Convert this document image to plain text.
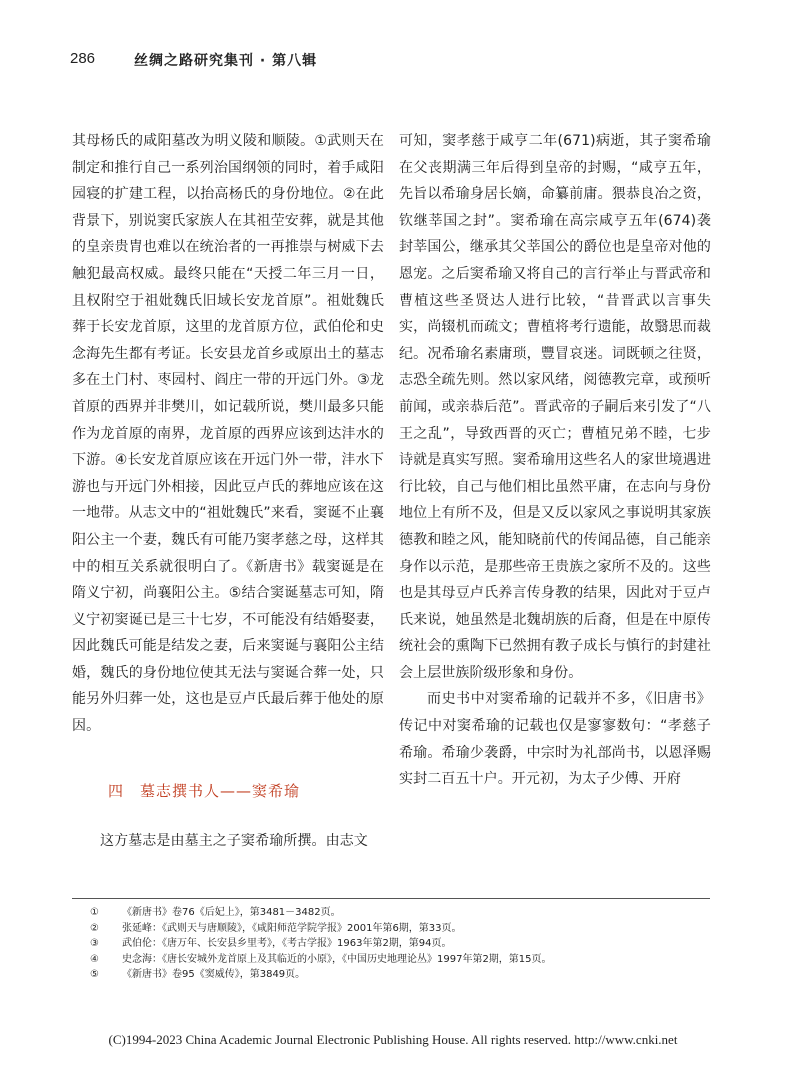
286	丝绸之路研究集刊 · 第八辑

其母杨氏的咸阳墓改为明义陵和顺陵。①武则天在制定和推行自己一系列治国纲领的同时，着手咸阳园寝的扩建工程，以抬高杨氏的身份地位。②在此背景下，别说窦氏家族人在其祖茔安葬，就是其他的皇亲贵胄也难以在统治者的一再推崇与树威下去触犯最高权威。最终只能在“天授二年三月一日，且权附空于祖妣魏氏旧域长安龙首原”。祖妣魏氏葬于长安龙首原，这里的龙首原方位，武伯伦和史念海先生都有考证。长安县龙首乡或原出土的墓志多在土门村、枣园村、阎庄一带的开远门外。③龙首原的西界并非樊川，如记载所说，樊川最多只能作为龙首原的南界，龙首原的西界应该到达沣水的下游。④长安龙首原应该在开远门外一带，沣水下游也与开远门外相接，因此豆卢氏的葬地应该在这一地带。从志文中的“祖妣魏氏”来看，窦诞不止襄阳公主一个妻，魏氏有可能乃窦孝慈之母，这样其中的相互关系就很明白了。《新唐书》载窦诞是在隋义宁初，尚襄阳公主。⑤结合窦诞墓志可知，隋义宁初窦诞已是三十七岁，不可能没有结婚娶妻，因此魏氏可能是结发之妻，后来窦诞与襄阳公主结婚，魏氏的身份地位使其无法与窦诞合葬一处，只能另外归葬一处，这也是豆卢氏最后葬于他处的原因。

四　墓志撰书人——窦希瑜

这方墓志是由墓主之子窦希瑜所撰。由志文

可知，窦孝慈于咸亨二年(671)病逝，其子窦希瑜在父丧期满三年后得到皇帝的封赐，“咸亨五年，先旨以希瑜身居长嫡，命纂前庸。猥恭良冶之资，钦继莘国之封”。窦希瑜在高宗咸亨五年(674)袭封莘国公，继承其父莘国公的爵位也是皇帝对他的恩宠。之后窦希瑜又将自己的言行举止与晋武帝和曹植这些圣贤达人进行比较，“昔晋武以言事失实，尚辍机而疏文；曹植将考行遗能，故翳思而裁纪。况希瑜名素庸琐，豐冒哀迷。词既顿之往贤，志恐全疏先则。然以家风绪，阅德教完章，或预听前闻，或亲恭后范”。晋武帝的子嗣后来引发了“八王之乱”，导致西晋的灭亡；曹植兄弟不睦，七步诗就是真实写照。窦希瑜用这些名人的家世境遇进行比较，自己与他们相比虽然平庸，在志向与身份地位上有所不及，但是又反以家风之事说明其家族德教和睦之风，能知晓前代的传闻品德，自己能亲身作以示范，是那些帝王贵族之家所不及的。这些也是其母豆卢氏养言传身教的结果，因此对于豆卢氏来说，她虽然是北魏胡族的后裔，但是在中原传统社会的熏陶下已然拥有教子成长与慎行的封建社会上层世族阶级形象和身份。

而史书中对窦希瑜的记载并不多，《旧唐书》传记中对窦希瑜的记载也仅是寥寥数句：“孝慈子希瑜。希瑜少袭爵，中宗时为礼部尚书，以恩泽赐实封二百五十户。开元初，为太子少傅、开府

① 《新唐书》卷76《后妃上》，第3481－3482页。
② 张延峰：《武则天与唐顺陵》，《咸阳师范学院学报》2001年第6期，第33页。
③ 武伯伦：《唐万年、长安县乡里考》，《考古学报》1963年第2期，第94页。
④ 史念海：《唐长安城外龙首原上及其临近的小原》，《中国历史地理论丛》1997年第2期，第15页。
⑤ 《新唐书》卷95《窦威传》，第3849页。
(C)1994-2023 China Academic Journal Electronic Publishing House. All rights reserved. http://www.cnki.net
